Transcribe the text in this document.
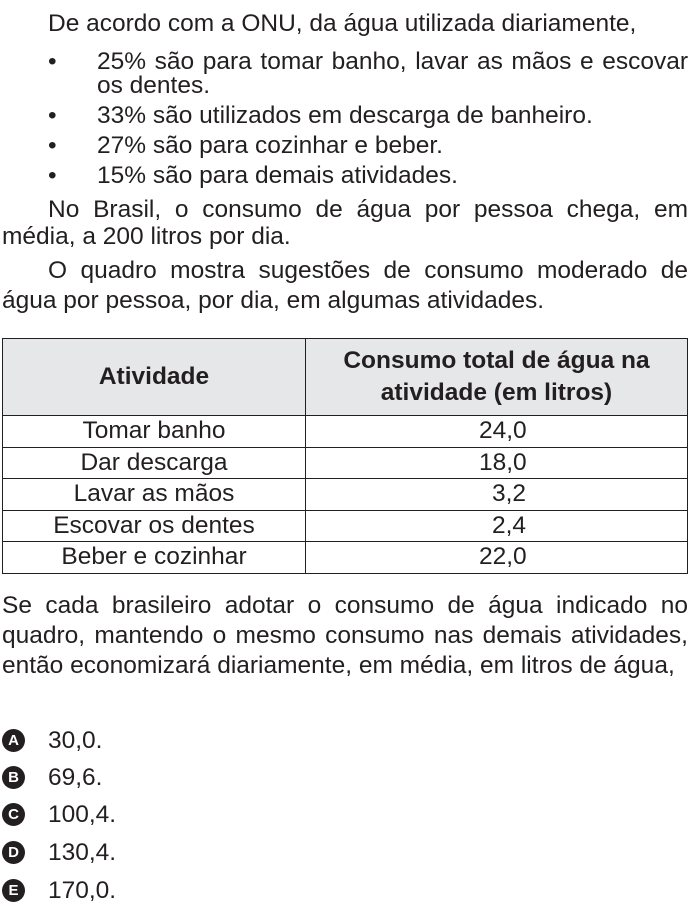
De acordo com a ONU, da água utilizada diariamente,

• 25% são para tomar banho, lavar as mãos e escovar os dentes.
• 33% são utilizados em descarga de banheiro.
• 27% são para cozinhar e beber.
• 15% são para demais atividades.

No Brasil, o consumo de água por pessoa chega, em média, a 200 litros por dia.

O quadro mostra sugestões de consumo moderado de água por pessoa, por dia, em algumas atividades.

Atividade	Consumo total de água na atividade (em litros)
Tomar banho	24,0
Dar descarga	18,0
Lavar as mãos	3,2
Escovar os dentes	2,4
Beber e cozinhar	22,0

Se cada brasileiro adotar o consumo de água indicado no quadro, mantendo o mesmo consumo nas demais atividades, então economizará diariamente, em média, em litros de água,

A 30,0.
B 69,6.
C 100,4.
D 130,4.
E 170,0.
